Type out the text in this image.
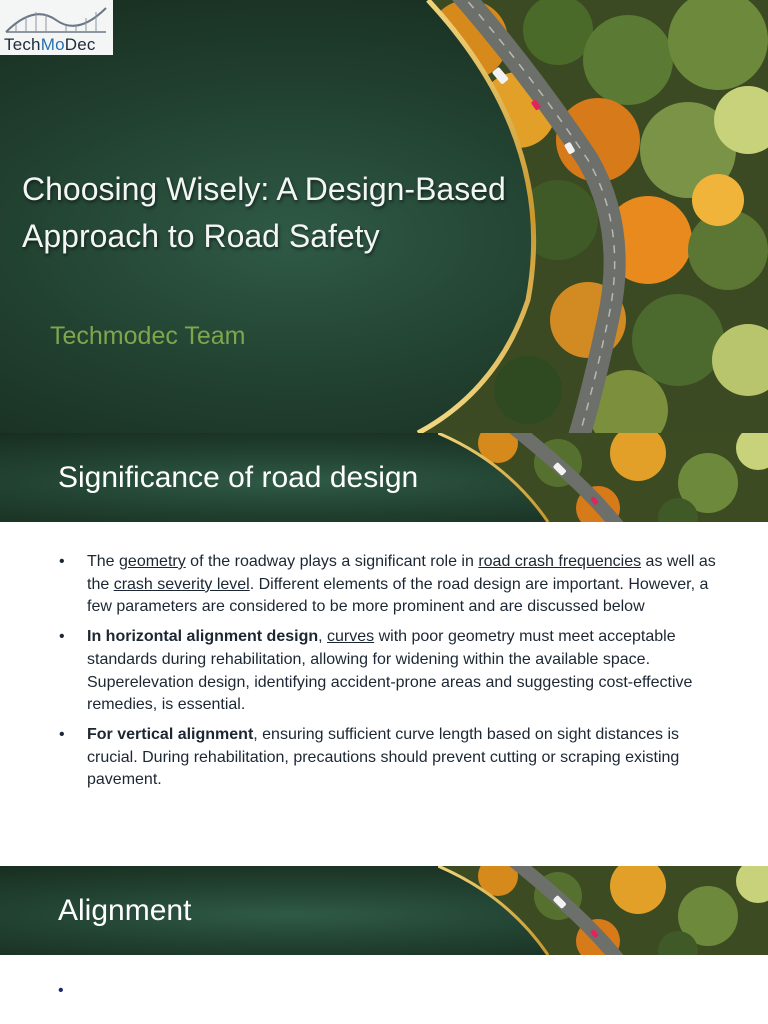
TechMoDec
Choosing Wisely: A Design-Based Approach to Road Safety
Techmodec Team
Significance of road design
• The geometry of the roadway plays a significant role in road crash frequencies as well as the crash severity level. Different elements of the road design are important. However, a few parameters are considered to be more prominent and are discussed below
• In horizontal alignment design, curves with poor geometry must meet acceptable standards during rehabilitation, allowing for widening within the available space. Superelevation design, identifying accident-prone areas and suggesting cost-effective remedies, is essential.
• For vertical alignment, ensuring sufficient curve length based on sight distances is crucial. During rehabilitation, precautions should prevent cutting or scraping existing pavement.
Alignment
•
